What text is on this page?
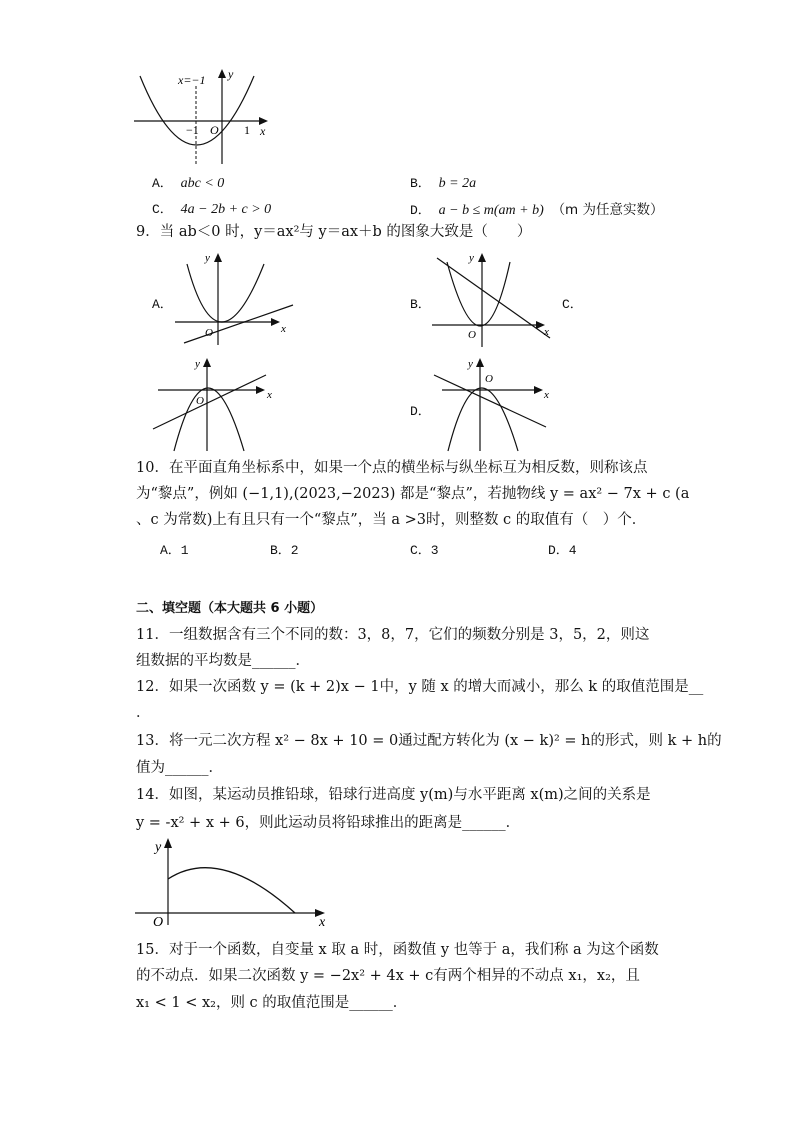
x=−1 y
−1 O 1 x
A． abc < 0	B． b = 2a
C． 4a − 2b + c > 0	D． a − b ≤ m(am + b) （m 为任意实数）
9．当 ab＜0 时，y＝ax²与 y＝ax＋b 的图象大致是（　　）
A．
y
O	x
B．
y
O	x
C．
y
O	x
D．
y
O
x
10．在平面直角坐标系中，如果一个点的横坐标与纵坐标互为相反数，则称该点
为“黎点”，例如 (−1,1),(2023,−2023) 都是“黎点”，若抛物线 y = ax² − 7x + c (a
、c 为常数)上有且只有一个“黎点”，当 a >3时，则整数 c 的取值有（　）个．
A．1	B．2	C．3	D．4
二、填空题（本大题共 6 小题）
11．一组数据含有三个不同的数：3，8，7，它们的频数分别是 3，5，2，则这
组数据的平均数是______．
12．如果一次函数 y = (k + 2)x − 1中，y 随 x 的增大而减小，那么 k 的取值范围是__
．
13．将一元二次方程 x² − 8x + 10 = 0通过配方转化为 (x − k)² = h的形式，则 k + h的
值为______．
14．如图，某运动员推铅球，铅球行进高度 y(m)与水平距离 x(m)之间的关系是
y = -x² + x + 6，则此运动员将铅球推出的距离是______．
y
O	x
15．对于一个函数，自变量 x 取 a 时，函数值 y 也等于 a，我们称 a 为这个函数
的不动点．如果二次函数 y = −2x² + 4x + c有两个相异的不动点 x₁，x₂，且
x₁ < 1 < x₂，则 c 的取值范围是______．
